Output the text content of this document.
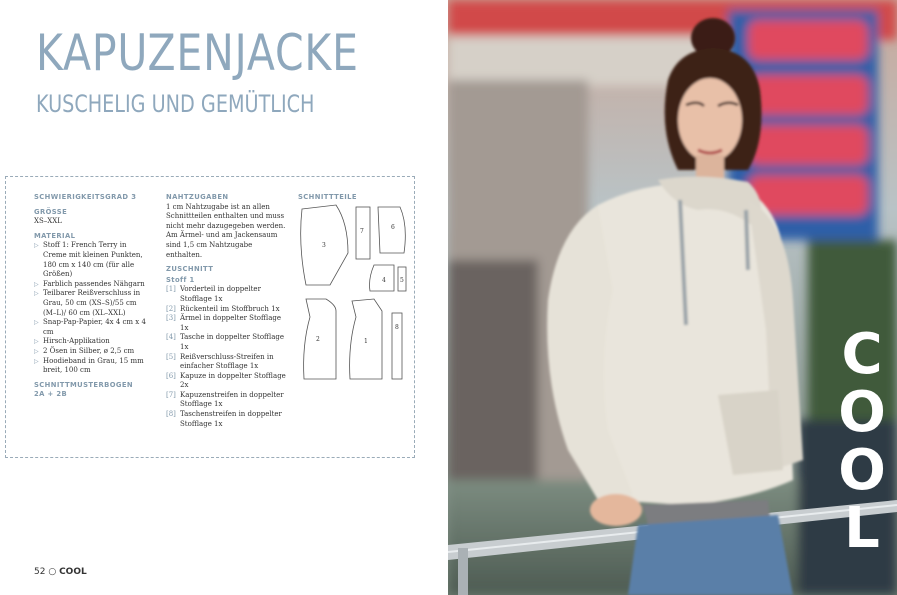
KAPUZENJACKE
KUSCHELIG UND GEMÜTLICH
SCHWIERIGKEITSGRAD 3
GRÖSSE
XS–XXL
MATERIAL
▷ Stoff 1: French Terry in Creme mit kleinen Punkten, 180 cm x 140 cm (für alle Größen)
▷ Farblich passendes Nähgarn
▷ Teilbarer Reißverschluss in Grau, 50 cm (XS–S)/55 cm (M–L)/ 60 cm (XL–XXL)
▷ Snap-Pap-Papier, 4x 4 cm x 4 cm
▷ Hirsch-Applikation
▷ 2 Ösen in Silber, ø 2,5 cm
▷ Hoodieband in Grau, 15 mm breit, 100 cm
SCHNITTMUSTERBOGEN
2A + 2B
NAHTZUGABEN
1 cm Nahtzugabe ist an allen Schnittteilen enthalten und muss nicht mehr dazugegeben werden. Am Ärmel- und am Jackensaum sind 1,5 cm Nahtzugabe enthalten.
ZUSCHNITT
Stoff 1
[1] Vorderteil in doppelter Stofflage 1x
[2] Rückenteil im Stoffbruch 1x
[3] Ärmel in doppelter Stofflage 1x
[4] Tasche in doppelter Stofflage 1x
[5] Reißverschluss-Streifen in einfacher Stofflage 1x
[6] Kapuze in doppelter Stofflage 2x
[7] Kapuzenstreifen in doppelter Stofflage 1x
[8] Taschenstreifen in doppelter Stofflage 1x
SCHNITTTEILE
3
7
6
4 5
2	1
8
52 ○ COOL
C
O
O
L
